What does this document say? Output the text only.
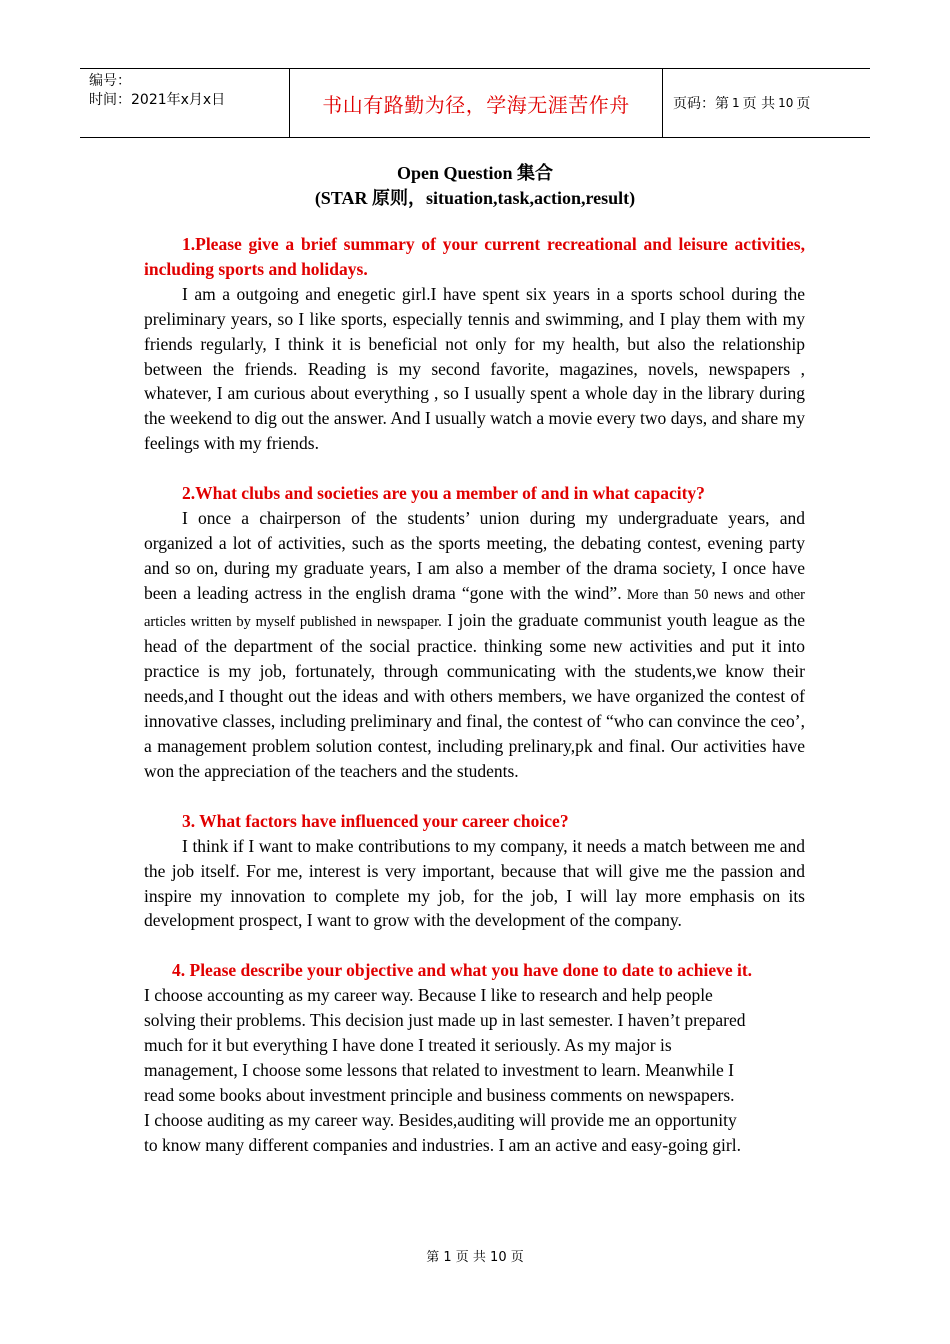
编号：
时间：2021年x月x日	书山有路勤为径，学海无涯苦作舟	页码：第 1 页 共 10 页
Open Question 集合
(STAR 原则，situation,task,action,result)

1.Please give a brief summary of your current recreational and leisure activities, including sports and holidays.

I am a outgoing and enegetic girl.I have spent six years in a sports school during the preliminary years, so I like sports, especially tennis and swimming, and I play them with my friends regularly, I think it is beneficial not only for my health, but also the relationship between the friends. Reading is my second favorite, magazines, novels, newspapers , whatever, I am curious about everything , so I usually spent a whole day in the library during the weekend to dig out the answer. And I usually watch a movie every two days, and share my feelings with my friends.

2.What clubs and societies are you a member of and in what capacity?

I once a chairperson of the students’ union during my undergraduate years, and organized a lot of activities, such as the sports meeting, the debating contest, evening party and so on, during my graduate years, I am also a member of the drama society, I once have been a leading actress in the english drama “gone with the wind”. More than 50 news and other articles written by myself published in newspaper. I join the graduate communist youth league as the head of the department of the social practice. thinking some new activities and put it into practice is my job, fortunately, through communicating with the students,we know their needs,and I thought out the ideas and with others members, we have organized the contest of innovative classes, including preliminary and final, the contest of “who can convince the ceo’, a management problem solution contest, including prelinary,pk and final. Our activities have won the appreciation of the teachers and the students.

3. What factors have influenced your career choice?

I think if I want to make contributions to my company, it needs a match between me and the job itself. For me, interest is very important, because that will give me the passion and inspire my innovation to complete my job, for the job, I will lay more emphasis on its development prospect, I want to grow with the development of the company.

4. Please describe your objective and what you have done to date to achieve it.

I choose accounting as my career way. Because I like to research and help people

solving their problems. This decision just made up in last semester. I haven’t prepared

much for it but everything I have done I treated it seriously. As my major is

management, I choose some lessons that related to investment to learn. Meanwhile I

read some books about investment principle and business comments on newspapers.

I choose auditing as my career way. Besides,auditing will provide me an opportunity

to know many different companies and industries. I am an active and easy-going girl.

第 1 页 共 10 页
